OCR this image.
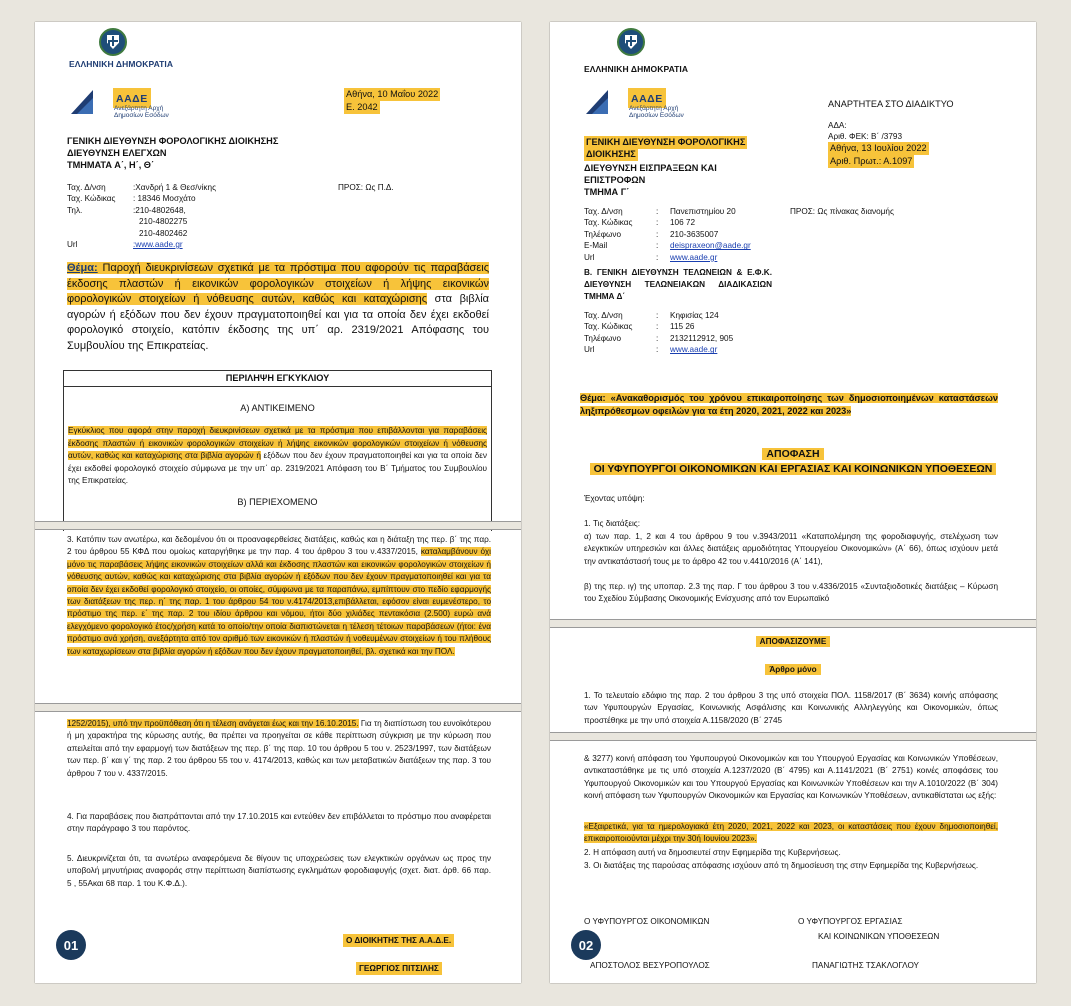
ΕΛΛΗΝΙΚΗ ΔΗΜΟΚΡΑΤΙΑ
ΑΑΔΕ
Ανεξάρτητη Αρχή
Δημοσίων Εσόδων
Αθήνα, 10 Μαΐου 2022
Ε. 2042
ΓΕΝΙΚΗ ΔΙΕΥΘΥΝΣΗ ΦΟΡΟΛΟΓΙΚΗΣ ΔΙΟΙΚΗΣΗΣ
ΔΙΕΥΘΥΝΣΗ ΕΛΕΓΧΩΝ
ΤΜΗΜΑΤΑ Α΄, Η΄, Θ΄
Ταχ. Δ/νση	:Χανδρή 1 & Θεσ/νίκης
Ταχ. Κώδικας	: 18346 Μοσχάτο
Τηλ.	:210-4802648,
210-4802275
210-4802462
Url	:www.aade.gr
ΠΡΟΣ: Ως Π.Δ.
Θέμα: Παροχή διευκρινίσεων σχετικά με τα πρόστιμα που αφορούν τις παραβάσεις έκδοσης πλαστών ή εικονικών φορολογικών στοιχείων ή λήψης εικονικών φορολογικών στοιχείων ή νόθευσης αυτών, καθώς και καταχώρισης στα βιβλία αγορών ή εξόδων που δεν έχουν πραγματοποιηθεί και για τα οποία δεν έχει εκδοθεί φορολογικό στοιχείο, κατόπιν έκδοσης της υπ΄ αρ. 2319/2021 Απόφασης του Συμβουλίου της Επικρατείας.
ΠΕΡΙΛΗΨΗ ΕΓΚΥΚΛΙΟΥ
Α) ΑΝΤΙΚΕΙΜΕΝΟ
Εγκύκλιος που αφορά στην παροχή διευκρινίσεων σχετικά με τα πρόστιμα που επιβάλλονται για παραβάσεις έκδοσης πλαστών ή εικονικών φορολογικών στοιχείων ή λήψης εικονικών φορολογικών στοιχείων ή νόθευσης αυτών, καθώς και καταχώρισης στα βιβλία αγορών ή εξόδων που δεν έχουν πραγματοποιηθεί και για τα οποία δεν έχει εκδοθεί φορολογικό στοιχείο σύμφωνα με την υπ΄ αρ. 2319/2021 Απόφαση του Β΄ Τμήματος του Συμβουλίου της Επικρατείας.
Β) ΠΕΡΙΕΧΟΜΕΝΟ
3. Κατόπιν των ανωτέρω, και δεδομένου ότι οι προαναφερθείσες διατάξεις, καθώς και η διάταξη της περ. β΄ της παρ. 2 του άρθρου 55 ΚΦΔ που ομοίως καταργήθηκε με την παρ. 4 του άρθρου 3 του ν.4337/2015, καταλαμβάνουν όχι μόνο τις παραβάσεις λήψης εικονικών στοιχείων αλλά και έκδοσης πλαστών και εικονικών φορολογικών στοιχείων ή νόθευσης αυτών, καθώς και καταχώρισης στα βιβλία αγορών ή εξόδων που δεν έχουν πραγματοποιηθεί και για τα οποία δεν έχει εκδοθεί φορολογικό στοιχείο, οι οποίες, σύμφωνα με τα παραπάνω, εμπίπτουν στο πεδίο εφαρμογής των διατάξεων της περ. η΄ της παρ. 1 του άρθρου 54 του ν.4174/2013,επιβάλλεται, εφόσον είναι ευμενέστερο, το πρόστιμο της περ. ε΄ της παρ. 2 του ιδίου άρθρου και νόμου, ήτοι δύο χιλιάδες πεντακόσια (2.500) ευρώ ανά ελεγχόμενο φορολογικό έτος/χρήση κατά το οποίο/την οποία διαπιστώνεται η τέλεση τέτοιων παραβάσεων (ήτοι: ένα πρόστιμο ανά χρήση, ανεξάρτητα από τον αριθμό των εικονικών ή πλαστών ή νοθευμένων στοιχείων ή του πλήθους των καταχωρίσεων στα βιβλία αγορών ή εξόδων που δεν έχουν πραγματοποιηθεί, βλ. σχετικά και την ΠΟΛ.
1252/2015), υπό την προϋπόθεση ότι η τέλεση ανάγεται έως και την 16.10.2015. Για τη διαπίστωση του ευνοϊκότερου ή μη χαρακτήρα της κύρωσης αυτής, θα πρέπει να προηγείται σε κάθε περίπτωση σύγκριση με την κύρωση που απειλείται από την εφαρμογή των διατάξεων της περ. β΄ της παρ. 10 του άρθρου 5 του ν. 2523/1997, των διατάξεων των περ. β΄ και γ΄ της παρ. 2 του άρθρου 55 του ν. 4174/2013, καθώς και των μεταβατικών διατάξεων της παρ. 3 του άρθρου 7 του ν. 4337/2015.
4. Για παραβάσεις που διαπράττονται από την 17.10.2015 και εντεύθεν δεν επιβάλλεται το πρόστιμο που αναφέρεται στην παράγραφο 3 του παρόντος.
5. Διευκρινίζεται ότι, τα ανωτέρω αναφερόμενα δε θίγουν τις υποχρεώσεις των ελεγκτικών οργάνων ως προς την υποβολή μηνυτήριας αναφοράς στην περίπτωση διαπίστωσης εγκλημάτων φοροδιαφυγής (σχετ. διατ. άρθ. 66 παρ. 5 , 55Ακαι 68 παρ. 1 του Κ.Φ.Δ.).
Ο ΔΙΟΙΚΗΤΗΣ ΤΗΣ Α.Α.Δ.Ε.
ΓΕΩΡΓΙΟΣ ΠΙΤΣΙΛΗΣ
01
ΕΛΛΗΝΙΚΗ ΔΗΜΟΚΡΑΤΙΑ
ΑΑΔΕ
Ανεξάρτητη Αρχή
Δημοσίων Εσόδων
ΑΝΑΡΤΗΤΕΑ ΣΤΟ ΔΙΑΔΙΚΤΥΟ
ΑΔΑ:
Αριθ. ΦΕΚ: Β΄ /3793
Αθήνα, 13 Ιουλίου 2022
Αριθ. Πρωτ.: Α.1097
ΓΕΝΙΚΗ ΔΙΕΥΘΥΝΣΗ ΦΟΡΟΛΟΓΙΚΗΣ
ΔΙΟΙΚΗΣΗΣ
ΔΙΕΥΘΥΝΣΗ ΕΙΣΠΡΑΞΕΩΝ ΚΑΙ
ΕΠΙΣΤΡΟΦΩΝ
ΤΜΗΜΑ Γ΄
Ταχ. Δ/νση	:	Πανεπιστημίου 20
Ταχ. Κώδικας	:	106 72
Τηλέφωνο	:	210-3635007
E-Mail	:	deispraxeon@aade.gr
Url	:	www.aade.gr
ΠΡΟΣ: Ως πίνακας διανομής
Β. ΓΕΝΙΚΗ ΔΙΕΥΘΥΝΣΗ ΤΕΛΩΝΕΙΩΝ & Ε.Φ.Κ. ΔΙΕΥΘΥΝΣΗ ΤΕΛΩΝΕΙΑΚΩΝ ΔΙΑΔΙΚΑΣΙΩΝ ΤΜΗΜΑ Δ΄
Ταχ. Δ/νση	:	Κηφισίας 124
Ταχ. Κώδικας	:	115 26
Τηλέφωνο	:	2132112912, 905
Url	:	www.aade.gr
Θέμα: «Ανακαθορισμός του χρόνου επικαιροποίησης των δημοσιοποιημένων καταστάσεων ληξιπρόθεσμων οφειλών για τα έτη 2020, 2021, 2022 και 2023»
ΑΠΟΦΑΣΗ
ΟΙ ΥΦΥΠΟΥΡΓΟΙ ΟΙΚΟΝΟΜΙΚΩΝ ΚΑΙ ΕΡΓΑΣΙΑΣ ΚΑΙ ΚΟΙΝΩΝΙΚΩΝ ΥΠΟΘΕΣΕΩΝ
Έχοντας υπόψη:
1. Τις διατάξεις:
α) των παρ. 1, 2 και 4 του άρθρου 9 του ν.3943/2011 «Καταπολέμηση της φοροδιαφυγής, στελέχωση των ελεγκτικών υπηρεσιών και άλλες διατάξεις αρμοδιότητας Υπουργείου Οικονομικών» (Α΄ 66), όπως ισχύουν μετά την αντικατάστασή τους με το άρθρο 42 του ν.4410/2016 (Α΄ 141),
β) της περ. ιγ) της υποπαρ. 2.3 της παρ. Γ του άρθρου 3 του ν.4336/2015 «Συνταξιοδοτικές διατάξεις – Κύρωση του Σχεδίου Σύμβασης Οικονομικής Ενίσχυσης από τον Ευρωπαϊκό
ΑΠΟΦΑΣΙΖΟΥΜΕ
Άρθρο μόνο
1. Το τελευταίο εδάφιο της παρ. 2 του άρθρου 3 της υπό στοιχεία ΠΟΛ. 1158/2017 (Β΄ 3634) κοινής απόφασης των Υφυπουργών Εργασίας, Κοινωνικής Ασφάλισης και Κοινωνικής Αλληλεγγύης και Οικονομικών, όπως προστέθηκε με την υπό στοιχεία Α.1158/2020 (Β΄ 2745
& 3277) κοινή απόφαση του Υφυπουργού Οικονομικών και του Υπουργού Εργασίας και Κοινωνικών Υποθέσεων, αντικαταστάθηκε με τις υπό στοιχεία Α.1237/2020 (Β΄ 4795) και Α.1141/2021 (Β΄ 2751) κοινές αποφάσεις του Υφυπουργού Οικονομικών και του Υπουργού Εργασίας και Κοινωνικών Υποθέσεων και την Α.1010/2022 (Β΄ 304) κοινή απόφαση των Υφυπουργών Οικονομικών και Εργασίας και Κοινωνικών Υποθέσεων, αντικαθίσταται ως εξής:
«Εξαιρετικά, για τα ημερολογιακά έτη 2020, 2021, 2022 και 2023, οι καταστάσεις που έχουν δημοσιοποιηθεί, επικαιροποιούνται μέχρι την 30ή Ιουνίου 2023».
2. Η απόφαση αυτή να δημοσιευτεί στην Εφημερίδα της Κυβερνήσεως.
3. Οι διατάξεις της παρούσας απόφασης ισχύουν από τη δημοσίευση της στην Εφημερίδα της Κυβερνήσεως.
Ο ΥΦΥΠΟΥΡΓΟΣ ΟΙΚΟΝΟΜΙΚΩΝ	Ο ΥΦΥΠΟΥΡΓΟΣ ΕΡΓΑΣΙΑΣ
ΚΑΙ ΚΟΙΝΩΝΙΚΩΝ ΥΠΟΘΕΣΕΩΝ
ΑΠΟΣΤΟΛΟΣ ΒΕΣΥΡΟΠΟΥΛΟΣ	ΠΑΝΑΓΙΩΤΗΣ ΤΣΑΚΛΟΓΛΟΥ
02
